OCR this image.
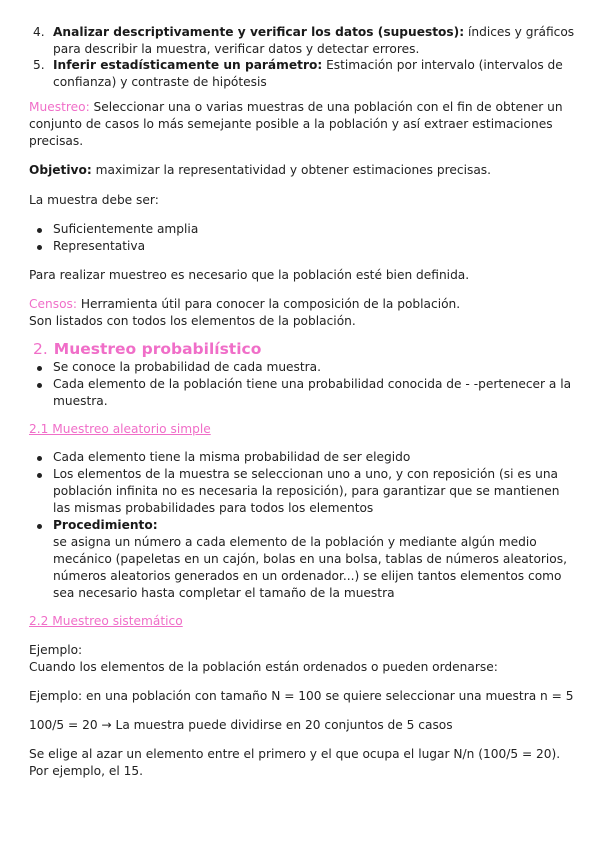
4. Analizar descriptivamente y verificar los datos (supuestos): índices y gráficos para describir la muestra, verificar datos y detectar errores.
5. Inferir estadísticamente un parámetro: Estimación por intervalo (intervalos de confianza) y contraste de hipótesis

Muestreo: Seleccionar una o varias muestras de una población con el fin de obtener un conjunto de casos lo más semejante posible a la población y así extraer estimaciones precisas.

Objetivo: maximizar la representatividad y obtener estimaciones precisas.

La muestra debe ser:

Suficientemente amplia
Representativa

Para realizar muestreo es necesario que la población esté bien definida.

Censos: Herramienta útil para conocer la composición de la población.

Son listados con todos los elementos de la población.

2. Muestreo probabilístico
Se conoce la probabilidad de cada muestra.
Cada elemento de la población tiene una probabilidad conocida de - -pertenecer a la muestra.

2.1 Muestreo aleatorio simple

Cada elemento tiene la misma probabilidad de ser elegido
Los elementos de la muestra se seleccionan uno a uno, y con reposición (si es una población infinita no es necesaria la reposición), para garantizar que se mantienen las mismas probabilidades para todos los elementos
Procedimiento:
se asigna un número a cada elemento de la población y mediante algún medio mecánico (papeletas en un cajón, bolas en una bolsa, tablas de números aleatorios, números aleatorios generados en un ordenador...) se elijen tantos elementos como sea necesario hasta completar el tamaño de la muestra

2.2 Muestreo sistemático

Ejemplo:

Cuando los elementos de la población están ordenados o pueden ordenarse:

Ejemplo: en una población con tamaño N = 100 se quiere seleccionar una muestra n = 5

100/5 = 20 → La muestra puede dividirse en 20 conjuntos de 5 casos

Se elige al azar un elemento entre el primero y el que ocupa el lugar N/n (100/5 = 20). Por ejemplo, el 15.
